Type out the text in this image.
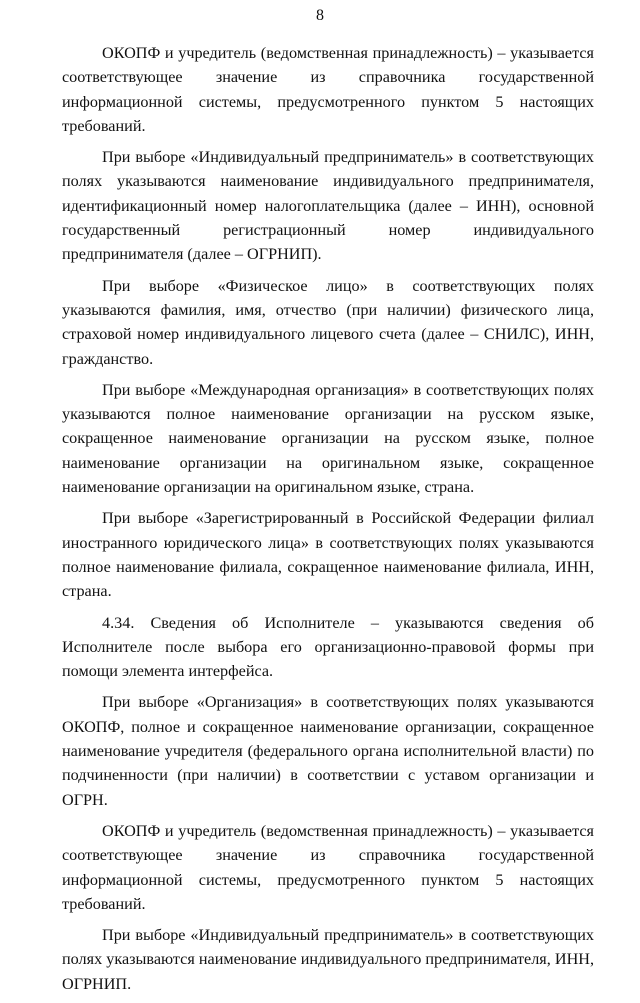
8

ОКОПФ и учредитель (ведомственная принадлежность) – указывается соответствующее значение из справочника государственной информационной системы, предусмотренного пунктом 5 настоящих требований.

При выборе «Индивидуальный предприниматель» в соответствующих полях указываются наименование индивидуального предпринимателя, идентификационный номер налогоплательщика (далее – ИНН), основной государственный регистрационный номер индивидуального предпринимателя (далее – ОГРНИП).

При выборе «Физическое лицо» в соответствующих полях указываются фамилия, имя, отчество (при наличии) физического лица, страховой номер индивидуального лицевого счета (далее – СНИЛС), ИНН, гражданство.

При выборе «Международная организация» в соответствующих полях указываются полное наименование организации на русском языке, сокращенное наименование организации на русском языке, полное наименование организации на оригинальном языке, сокращенное наименование организации на оригинальном языке, страна.

При выборе «Зарегистрированный в Российской Федерации филиал иностранного юридического лица» в соответствующих полях указываются полное наименование филиала, сокращенное наименование филиала, ИНН, страна.

4.34. Сведения об Исполнителе – указываются сведения об Исполнителе после выбора его организационно-правовой формы при помощи элемента интерфейса.

При выборе «Организация» в соответствующих полях указываются ОКОПФ, полное и сокращенное наименование организации, сокращенное наименование учредителя (федерального органа исполнительной власти) по подчиненности (при наличии) в соответствии с уставом организации и ОГРН.

ОКОПФ и учредитель (ведомственная принадлежность) – указывается соответствующее значение из справочника государственной информационной системы, предусмотренного пунктом 5 настоящих требований.

При выборе «Индивидуальный предприниматель» в соответствующих полях указываются наименование индивидуального предпринимателя, ИНН, ОГРНИП.
